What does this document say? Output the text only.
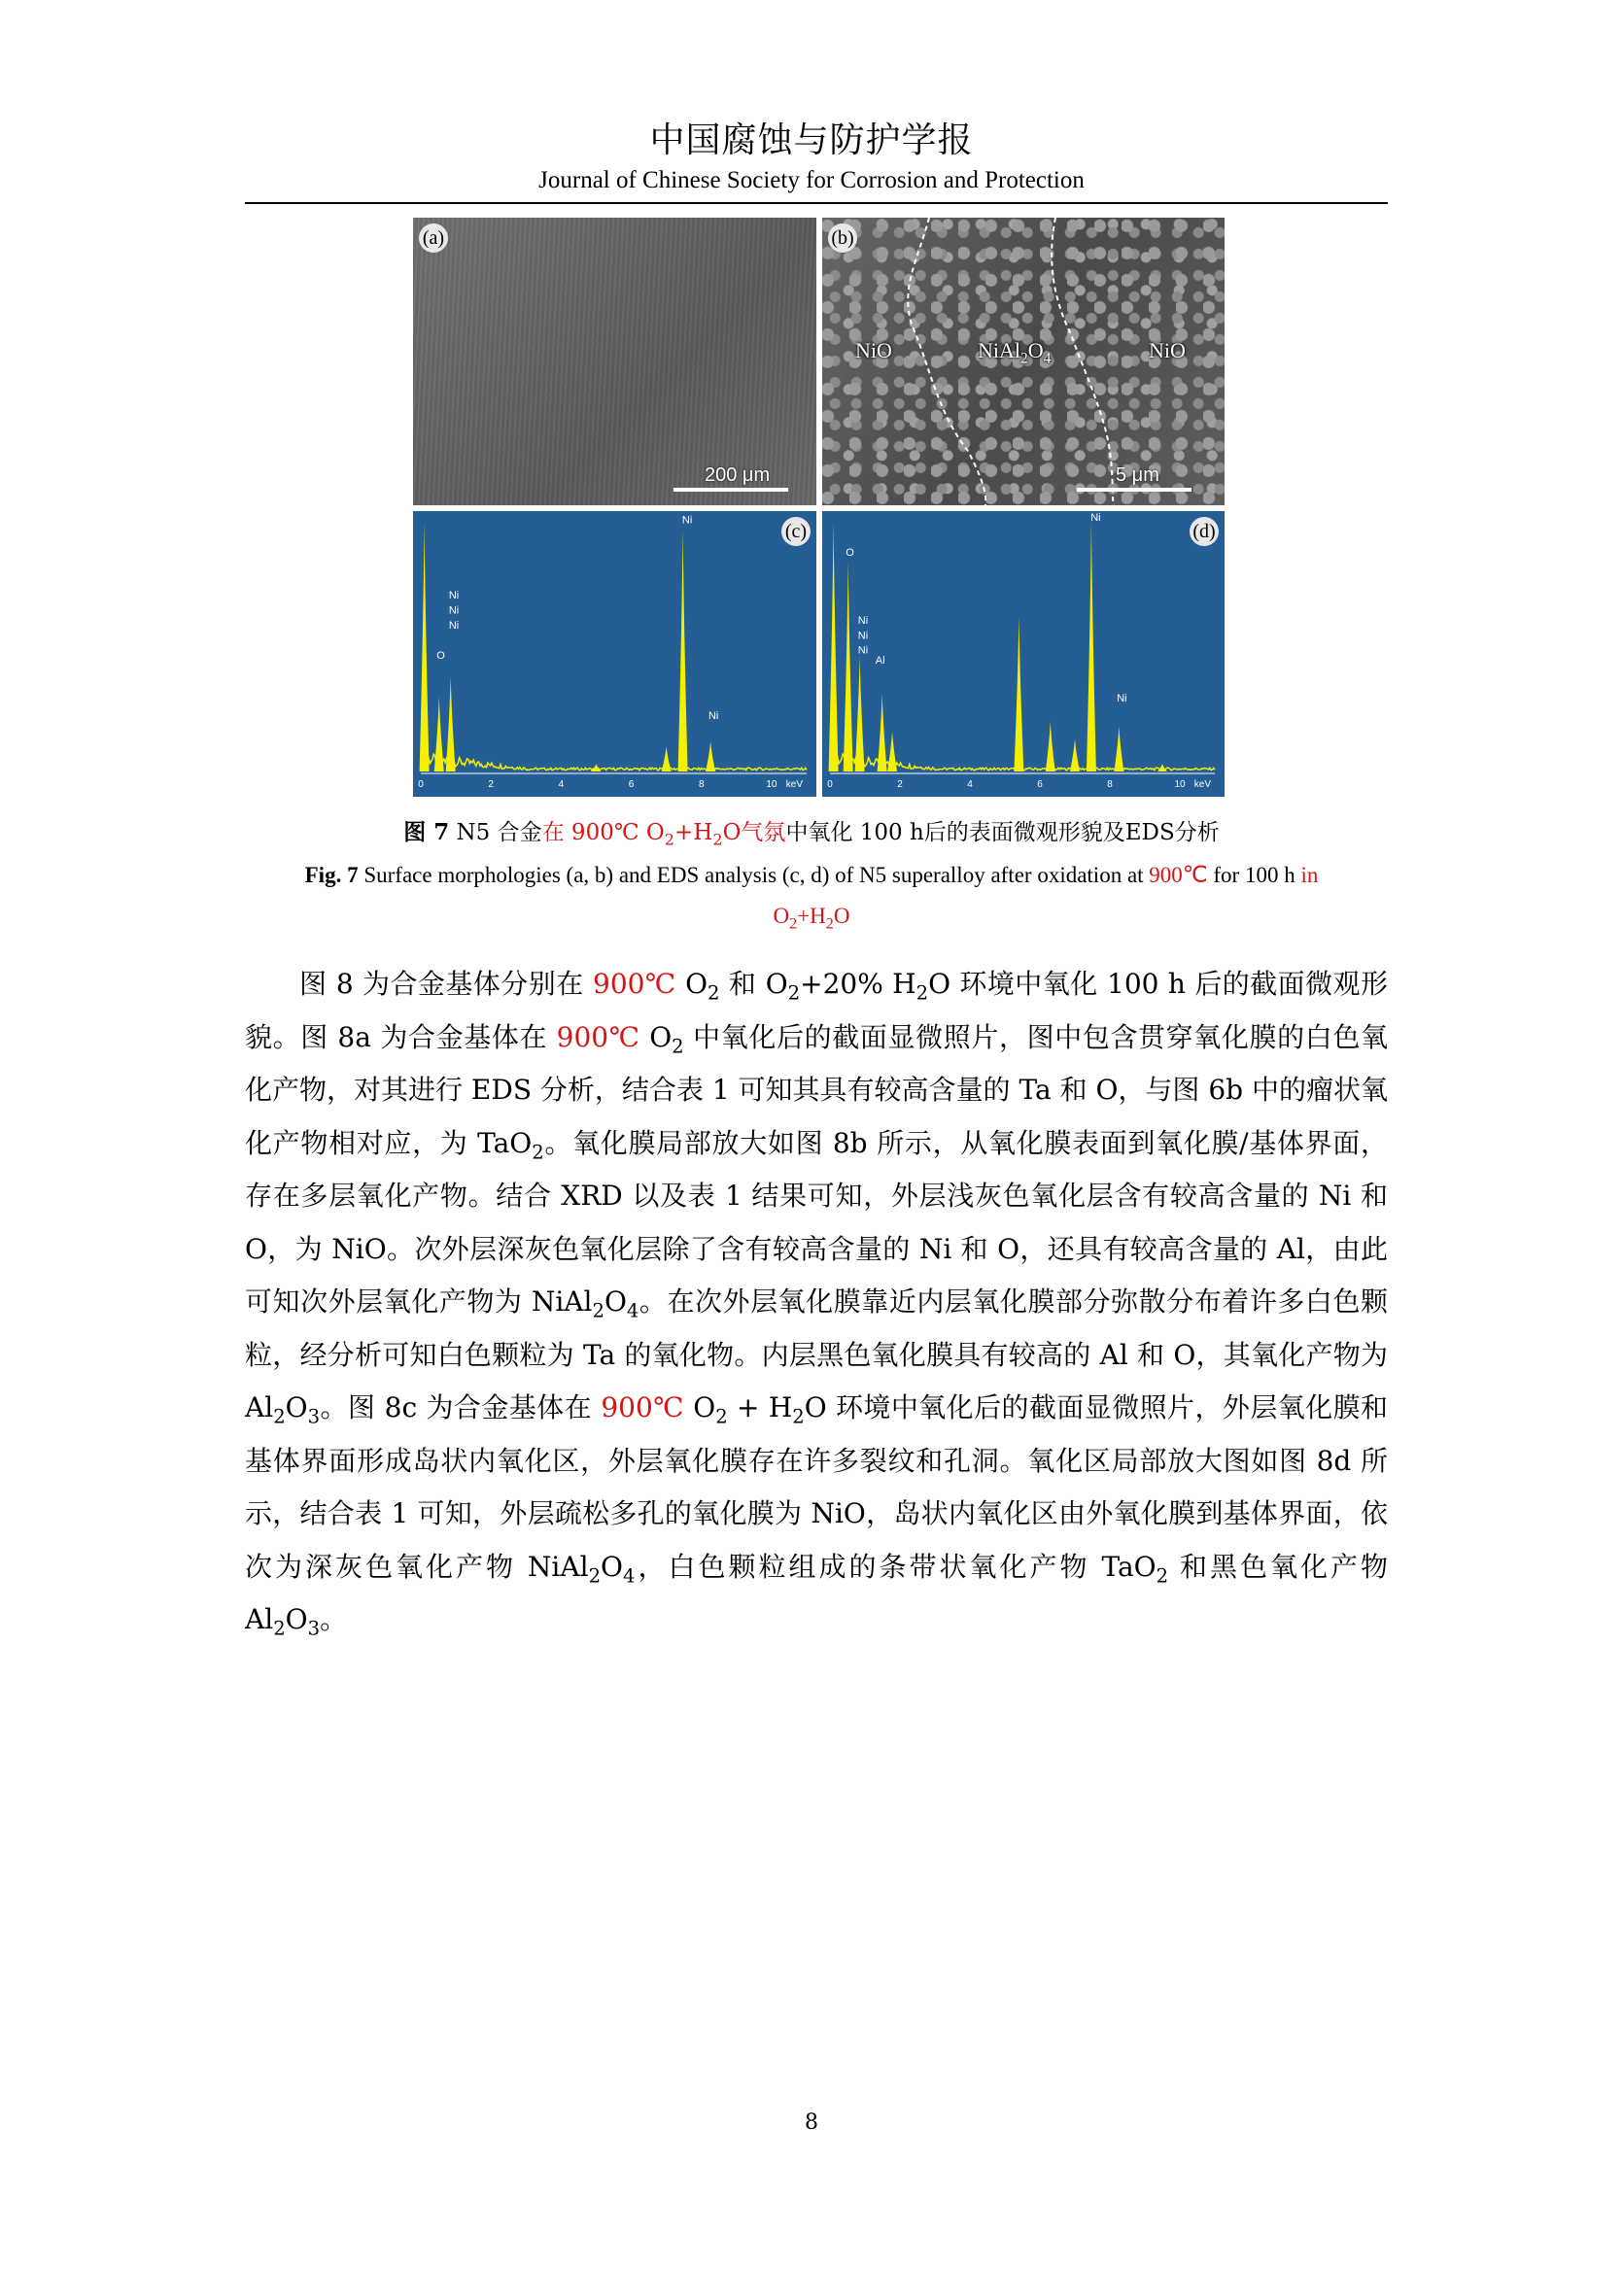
中国腐蚀与防护学报
Journal of Chinese Society for Corrosion and Protection
(a)
200 μm
(b)
NiO	$NiAl_2O_4$	NiO
5 μm
O
Ni
Ni
Ni
Ni
Ni
0	2	4	6	8	10 keV
(c)
O
Ni
Ni
Ni
Al
Ni
Ni
0	2	4	6	8	10 keV
(d)
图 7 N5 合金在 900℃ $O_2+H_2O$气氛中氧化 100 h后的表面微观形貌及EDS分析
Fig. 7 Surface morphologies (a, b) and EDS analysis (c, d) of N5 superalloy after oxidation at 900℃ for 100 h in
$O_2+H_2O$

图 8 为合金基体分别在 900℃ $O_2$ 和 $O_2+20\%$ $H_2O$ 环境中氧化 100 h 后的截面微观形貌。图 8a 为合金基体在 900℃ $O_2$ 中氧化后的截面显微照片，图中包含贯穿氧化膜的白色氧化产物，对其进行 EDS 分析，结合表 1 可知其具有较高含量的 Ta 和 O，与图 6b 中的瘤状氧化产物相对应，为 TaO$_2$。氧化膜局部放大如图 8b 所示，从氧化膜表面到氧化膜/基体界面，存在多层氧化产物。结合 XRD 以及表 1 结果可知，外层浅灰色氧化层含有较高含量的 Ni 和 O，为 NiO。次外层深灰色氧化层除了含有较高含量的 Ni 和 O，还具有较高含量的 Al，由此可知次外层氧化产物为 $NiAl_2O_4$。在次外层氧化膜靠近内层氧化膜部分弥散分布着许多白色颗粒，经分析可知白色颗粒为 Ta 的氧化物。内层黑色氧化膜具有较高的 Al 和 O，其氧化产物为 $Al_2O_3$。图 8c 为合金基体在 900℃ $O_2 + H_2O$ 环境中氧化后的截面显微照片，外层氧化膜和基体界面形成岛状内氧化区，外层氧化膜存在许多裂纹和孔洞。氧化区局部放大图如图 8d 所示，结合表 1 可知，外层疏松多孔的氧化膜为 NiO，岛状内氧化区由外氧化膜到基体界面，依次为深灰色氧化产物 $NiAl_2O_4$，白色颗粒组成的条带状氧化产物 TaO$_2$ 和黑色氧化产物 $Al_2O_3$。

8
